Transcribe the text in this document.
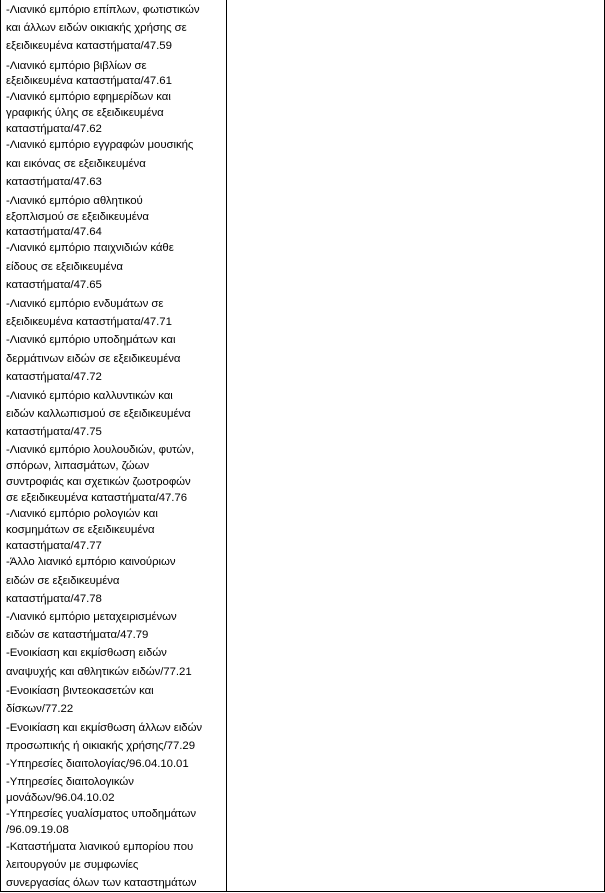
-Λιανικό εμπόριο επίπλων, φωτιστικών
και άλλων ειδών οικιακής χρήσης σε
εξειδικευμένα καταστήματα/47.59
-Λιανικό εμπόριο βιβλίων σε
εξειδικευμένα καταστήματα/47.61
-Λιανικό εμπόριο εφημερίδων και
γραφικής ύλης σε εξειδικευμένα
καταστήματα/47.62
-Λιανικό εμπόριο εγγραφών μουσικής
και εικόνας σε εξειδικευμένα
καταστήματα/47.63
-Λιανικό εμπόριο αθλητικού
εξοπλισμού σε εξειδικευμένα
καταστήματα/47.64
-Λιανικό εμπόριο παιχνιδιών κάθε
είδους σε εξειδικευμένα
καταστήματα/47.65
-Λιανικό εμπόριο ενδυμάτων σε
εξειδικευμένα καταστήματα/47.71
-Λιανικό εμπόριο υποδημάτων και
δερμάτινων ειδών σε εξειδικευμένα
καταστήματα/47.72
-Λιανικό εμπόριο καλλυντικών και
ειδών καλλωπισμού σε εξειδικευμένα
καταστήματα/47.75
-Λιανικό εμπόριο λουλουδιών, φυτών,
σπόρων, λιπασμάτων, ζώων
συντροφιάς και σχετικών ζωοτροφών
σε εξειδικευμένα καταστήματα/47.76
-Λιανικό εμπόριο ρολογιών και
κοσμημάτων σε εξειδικευμένα
καταστήματα/47.77
-Άλλο λιανικό εμπόριο καινούριων
ειδών σε εξειδικευμένα
καταστήματα/47.78
-Λιανικό εμπόριο μεταχειρισμένων
ειδών σε καταστήματα/47.79
-Ενοικίαση και εκμίσθωση ειδών
αναψυχής και αθλητικών ειδών/77.21
-Ενοικίαση βιντεοκασετών και
δίσκων/77.22
-Ενοικίαση και εκμίσθωση άλλων ειδών
προσωπικής ή οικιακής χρήσης/77.29
-Υπηρεσίες διαιτολογίας/96.04.10.01
-Υπηρεσίες διαιτολογικών
μονάδων/96.04.10.02
-Υπηρεσίες γυαλίσματος υποδημάτων
/96.09.19.08
-Καταστήματα λιανικού εμπορίου που
λειτουργούν με συμφωνίες
συνεργασίας όλων των καταστημάτων
